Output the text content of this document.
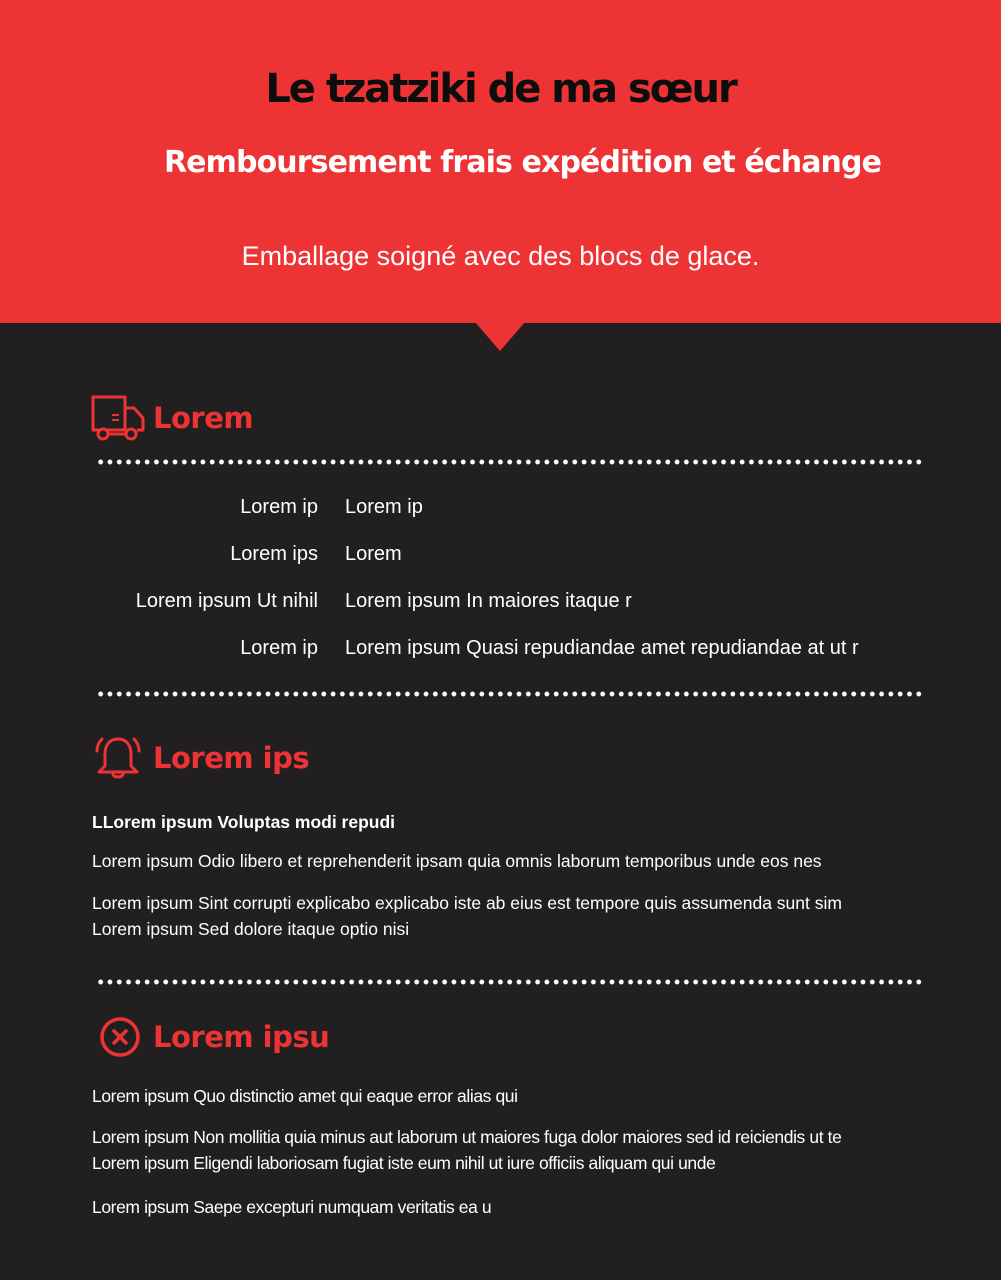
Le tzatziki de ma sœur
Remboursement frais expédition et échange
Emballage soigné avec des blocs de glace.
Lorem
Lorem ip Lorem ip
Lorem ips Lorem
Lorem ipsum Ut nihil Lorem ipsum In maiores itaque r
Lorem ip Lorem ipsum Quasi repudiandae amet repudiandae at ut r
Lorem ips

LLorem ipsum Voluptas modi repudi

Lorem ipsum Odio libero et reprehenderit ipsam quia omnis laborum temporibus unde eos nes

Lorem ipsum Sint corrupti explicabo explicabo iste ab eius est tempore quis assumenda sunt sim

Lorem ipsum Sed dolore itaque optio nisi

Lorem ipsu

Lorem ipsum Quo distinctio amet qui eaque error alias qui

Lorem ipsum Non mollitia quia minus aut laborum ut maiores fuga dolor maiores sed id reiciendis ut te

Lorem ipsum Eligendi laboriosam fugiat iste eum nihil ut iure officiis aliquam qui unde

Lorem ipsum Saepe excepturi numquam veritatis ea u
